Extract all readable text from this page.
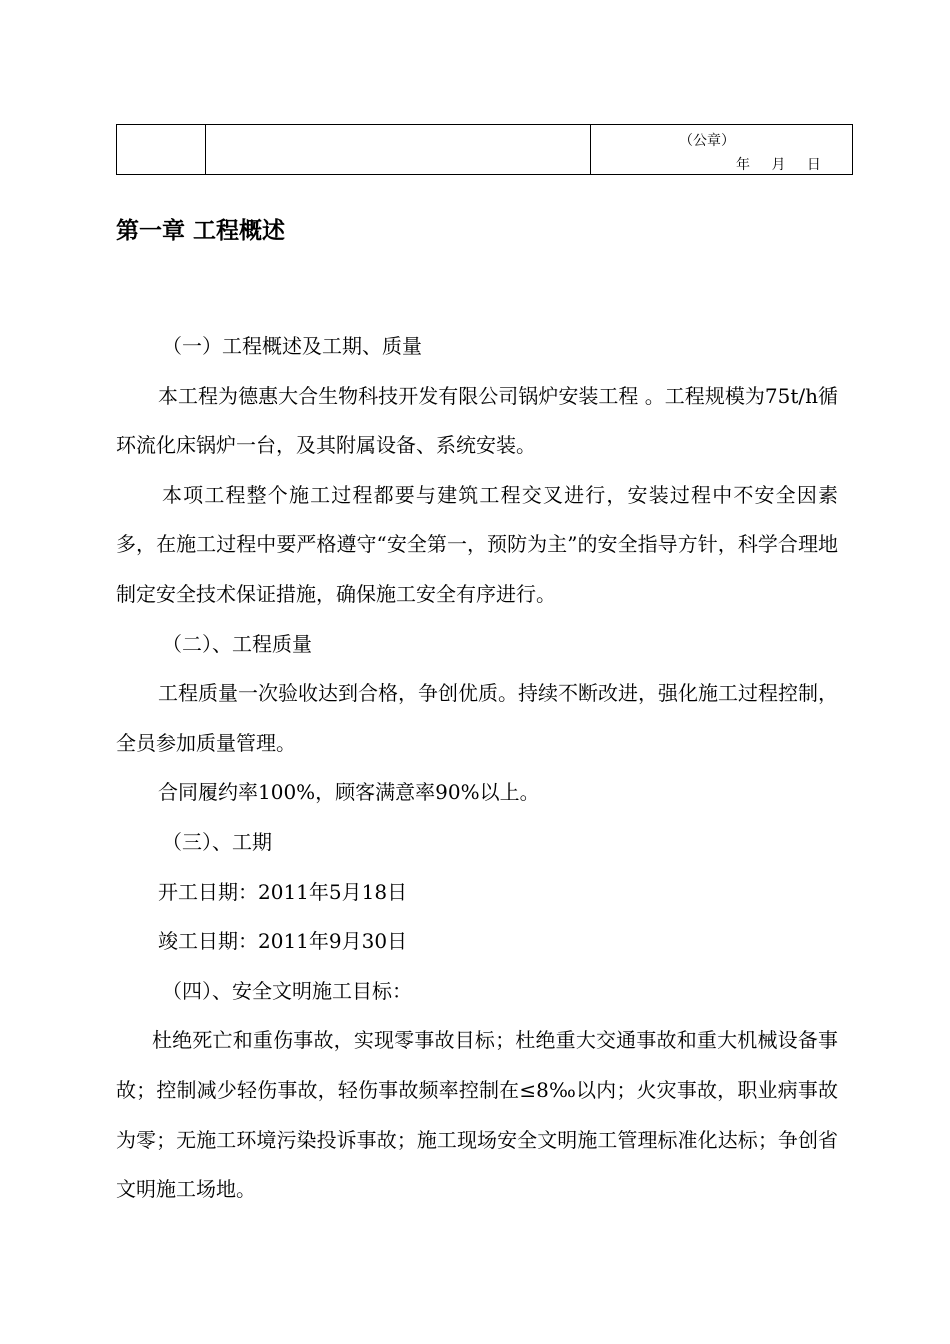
（公章）
年　 月　 日
第一章 工程概述

（一）工程概述及工期、质量

本工程为德惠大合生物科技开发有限公司锅炉安装工程 。工程规模为75t/h循环流化床锅炉一台，及其附属设备、系统安装。

本项工程整个施工过程都要与建筑工程交叉进行，安装过程中不安全因素多，在施工过程中要严格遵守“安全第一，预防为主”的安全指导方针，科学合理地制定安全技术保证措施，确保施工安全有序进行。

（二）、工程质量

工程质量一次验收达到合格，争创优质。持续不断改进，强化施工过程控制，全员参加质量管理。

合同履约率100%，顾客满意率90%以上。

（三）、工期

开工日期：2011年5月18日

竣工日期：2011年9月30日

（四）、安全文明施工目标：

杜绝死亡和重伤事故，实现零事故目标；杜绝重大交通事故和重大机械设备事故；控制减少轻伤事故，轻伤事故频率控制在≤8‰以内；火灾事故，职业病事故为零；无施工环境污染投诉事故；施工现场安全文明施工管理标准化达标；争创省文明施工场地。
